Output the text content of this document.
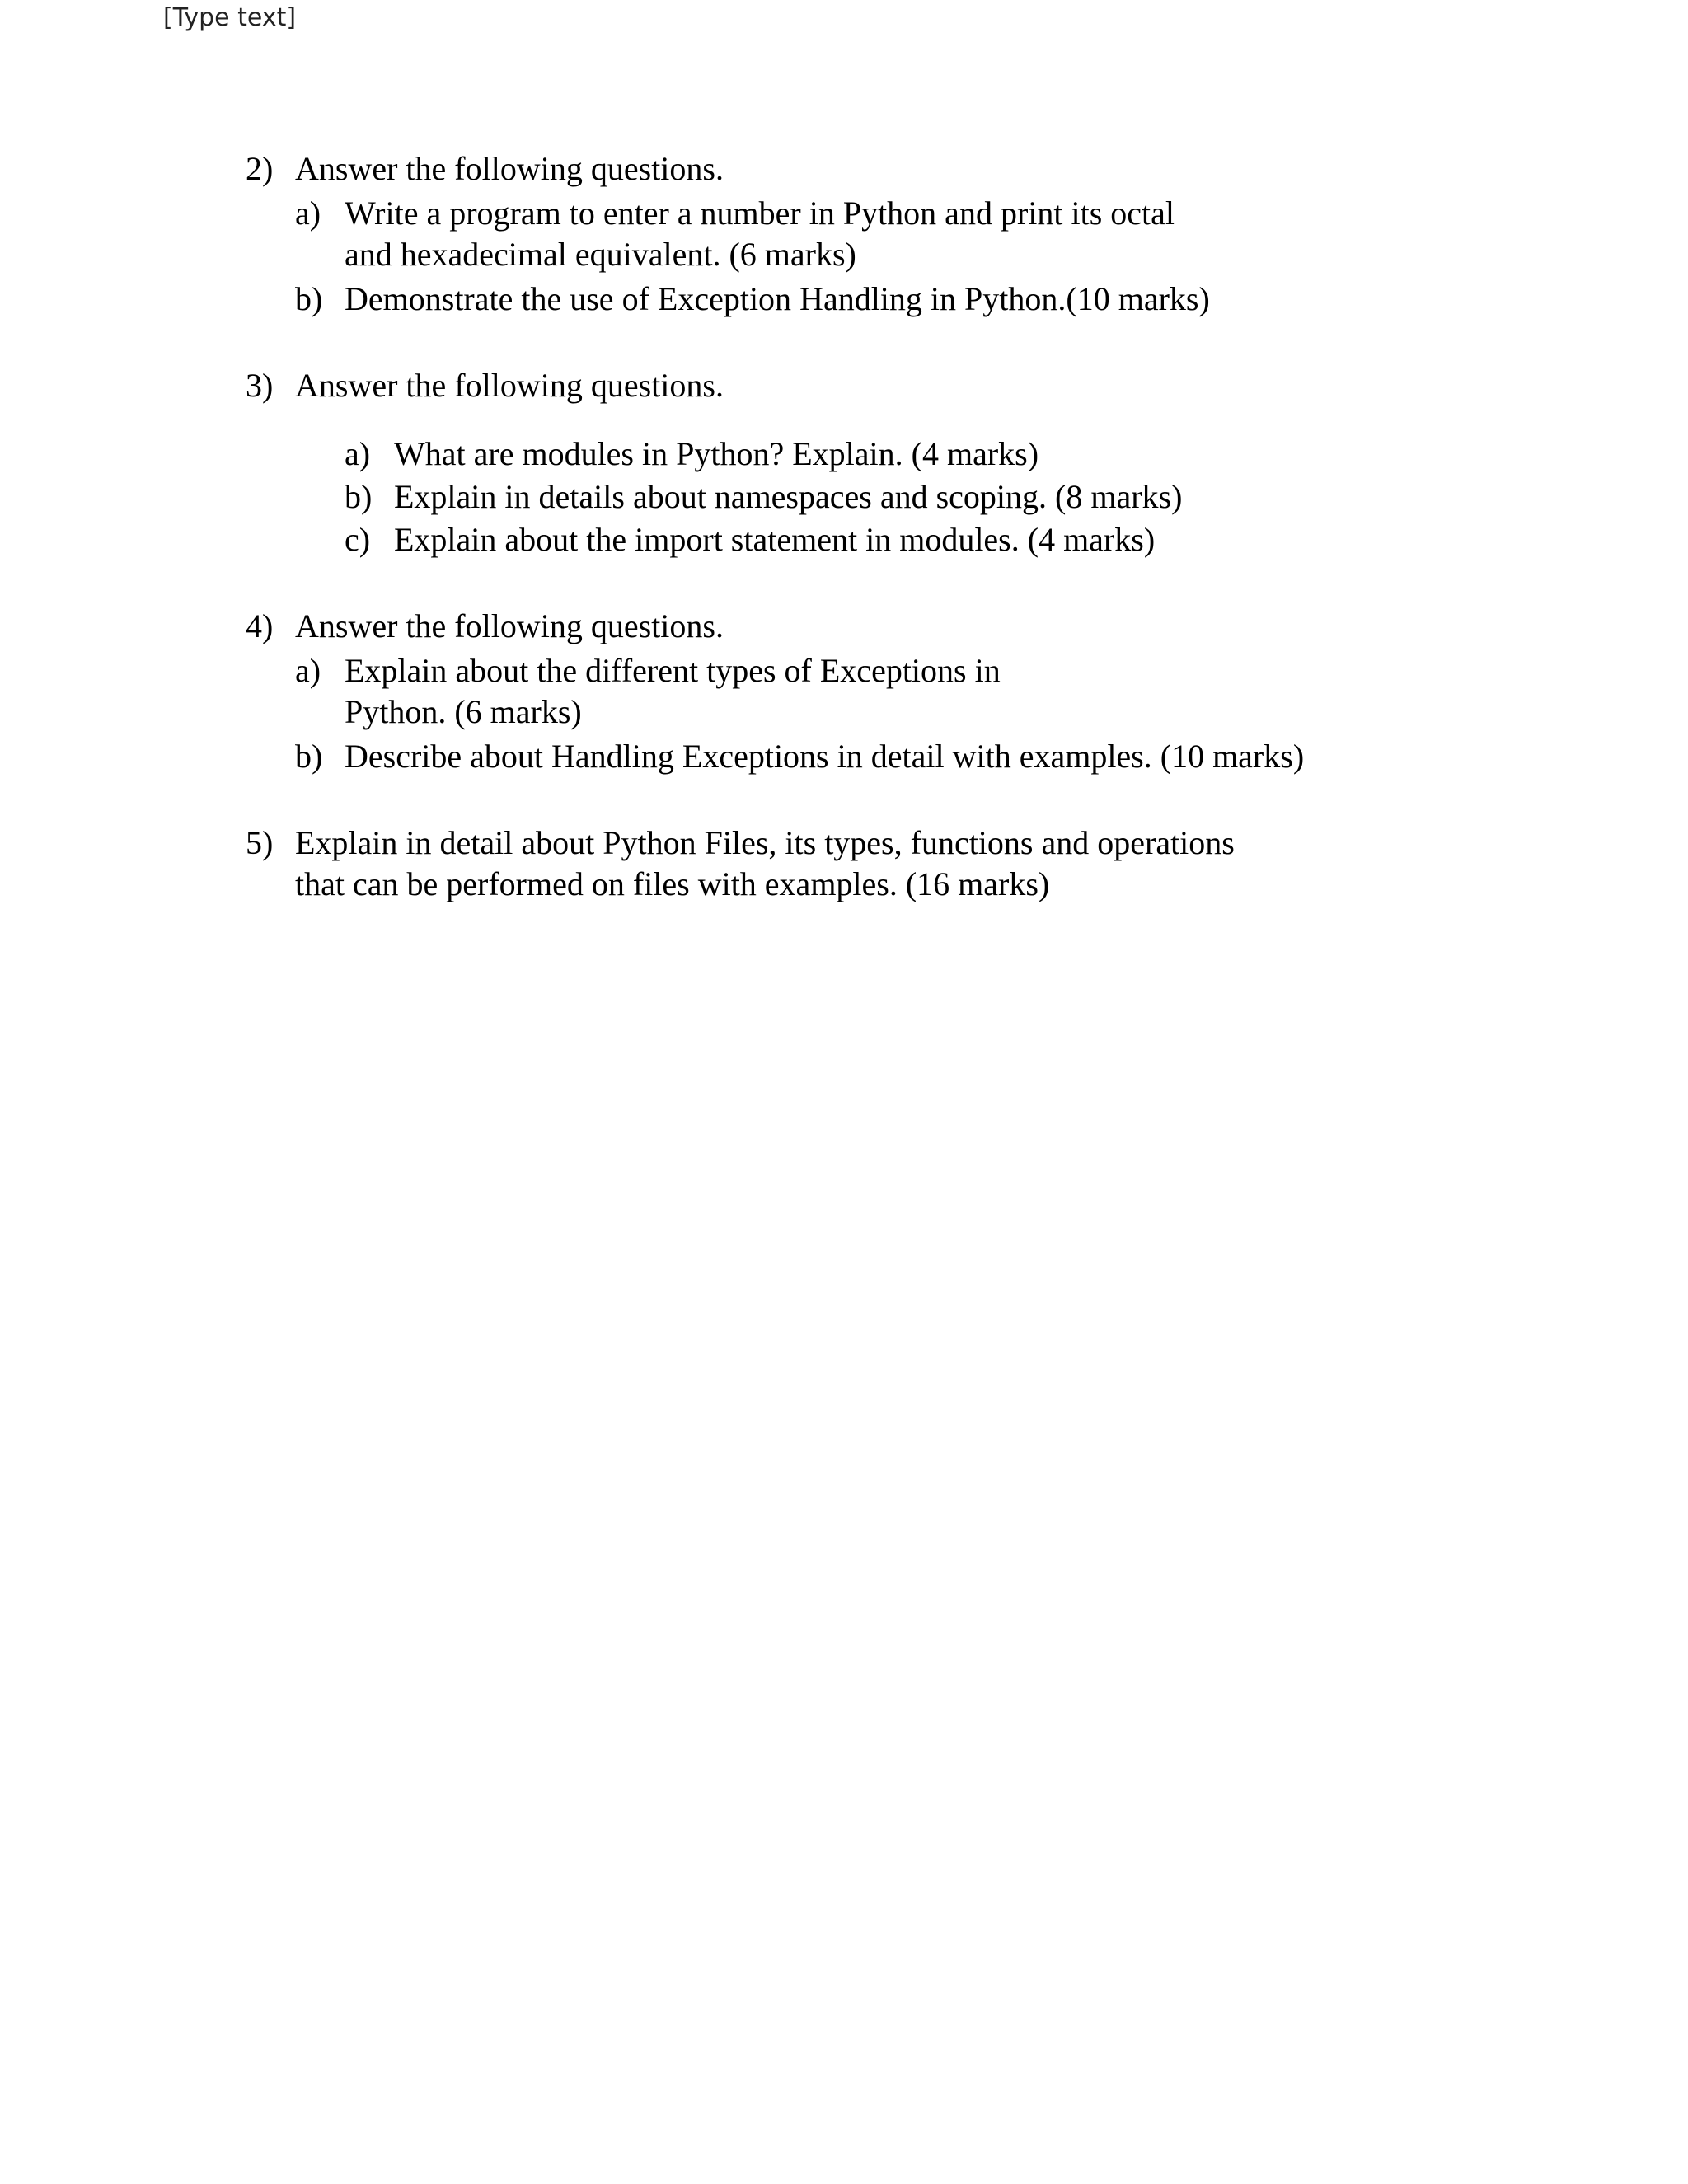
[Type text]
2) Answer the following questions.
a) Write a program to enter a number in Python and print its octal
and hexadecimal equivalent. (6 marks)
b) Demonstrate the use of Exception Handling in Python.(10 marks)
3) Answer the following questions.
a) What are modules in Python? Explain. (4 marks)
b) Explain in details about namespaces and scoping. (8 marks)
c) Explain about the import statement in modules. (4 marks)
4) Answer the following questions.
a) Explain about the different types of Exceptions in
Python. (6 marks)
b) Describe about Handling Exceptions in detail with examples. (10 marks)
5) Explain in detail about Python Files, its types, functions and operations
that can be performed on files with examples. (16 marks)
